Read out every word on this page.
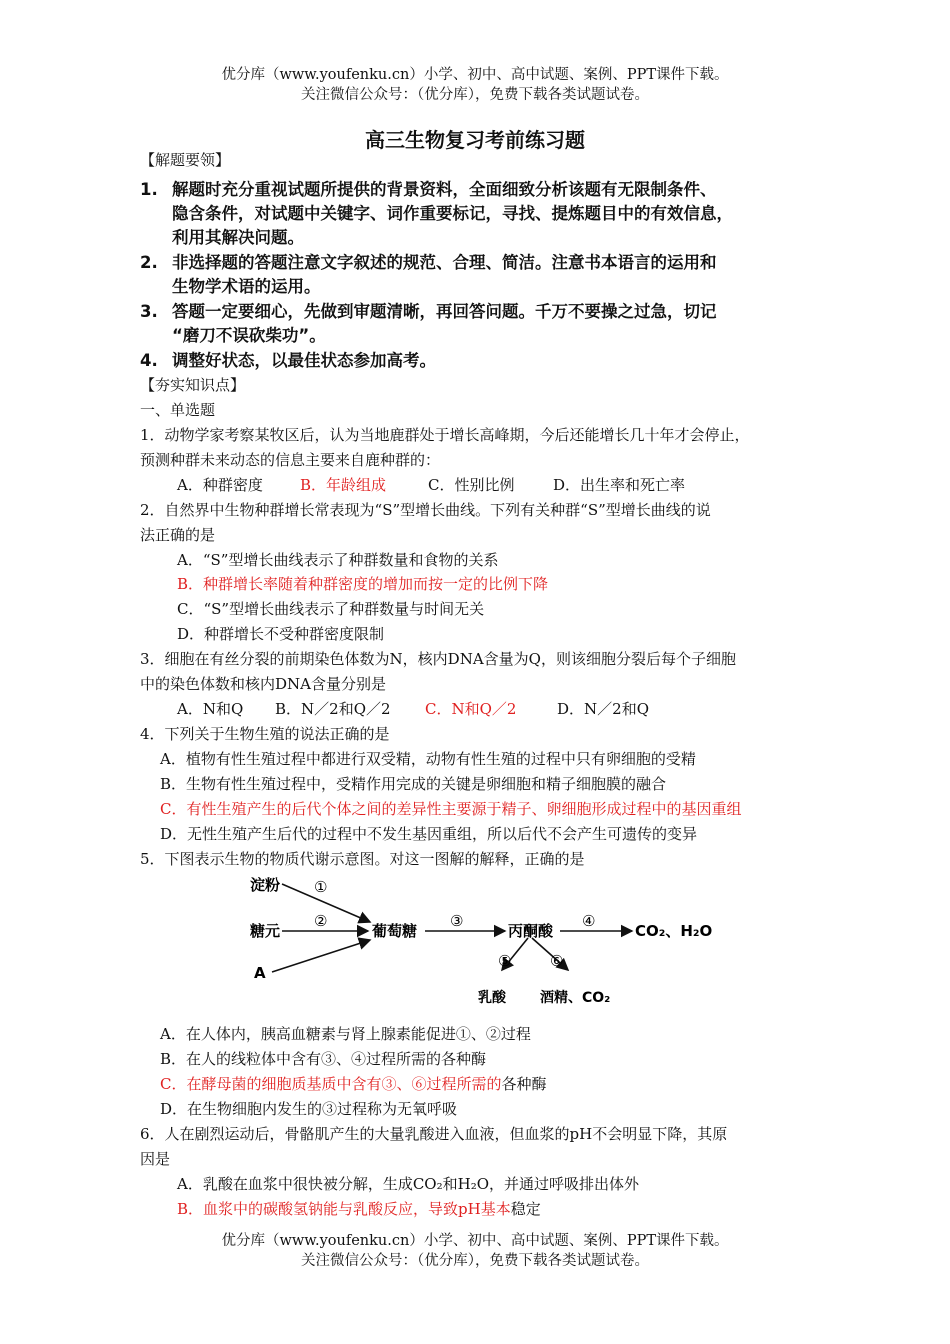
优分库（www.youfenku.cn）小学、初中、高中试题、案例、PPT课件下载。
关注微信公众号：（优分库），免费下载各类试题试卷。
高三生物复习考前练习题
【解题要领】
1. 解题时充分重视试题所提供的背景资料，全面细致分析该题有无限制条件、
隐含条件，对试题中关键字、词作重要标记，寻找、提炼题目中的有效信息，
利用其解决问题。
2. 非选择题的答题注意文字叙述的规范、合理、简洁。注意书本语言的运用和
生物学术语的运用。
3. 答题一定要细心，先做到审题清晰，再回答问题。千万不要操之过急，切记
“磨刀不误砍柴功”。
4. 调整好状态，以最佳状态参加高考。
【夯实知识点】
一、单选题
1．动物学家考察某牧区后，认为当地鹿群处于增长高峰期，今后还能增长几十年才会停止，
预测种群未来动态的信息主要来自鹿种群的：
A．种群密度 B．年龄组成	C．性别比例	D．出生率和死亡率
2．自然界中生物种群增长常表现为“S”型增长曲线。下列有关种群“S”型增长曲线的说
法正确的是
A．“S”型增长曲线表示了种群数量和食物的关系
B．种群增长率随着种群密度的增加而按一定的比例下降
C．“S”型增长曲线表示了种群数量与时间无关
D．种群增长不受种群密度限制
3．细胞在有丝分裂的前期染色体数为N，核内DNA含量为Q，则该细胞分裂后每个子细胞
中的染色体数和核内DNA含量分别是
A．N和Q B．N／2和Q／2 C．N和Q／2	D．N／2和Q
4．下列关于生物生殖的说法正确的是
A．植物有性生殖过程中都进行双受精，动物有性生殖的过程中只有卵细胞的受精
B．生物有性生殖过程中，受精作用完成的关键是卵细胞和精子细胞膜的融合
C．有性生殖产生的后代个体之间的差异性主要源于精子、卵细胞形成过程中的基因重组
D．无性生殖产生后代的过程中不发生基因重组，所以后代不会产生可遗传的变异
5．下图表示生物的物质代谢示意图。对这一图解的解释，正确的是
淀粉
糖元
A
葡萄糖	丙酮酸	CO₂、H₂O
乳酸 酒精、CO₂
①
②	③	④
⑤	⑥
A．在人体内，胰高血糖素与肾上腺素能促进①、②过程
B．在人的线粒体中含有③、④过程所需的各种酶
C．在酵母菌的细胞质基质中含有③、⑥过程所需的各种酶
D．在生物细胞内发生的③过程称为无氧呼吸
6．人在剧烈运动后，骨骼肌产生的大量乳酸进入血液，但血浆的pH不会明显下降，其原
因是
A．乳酸在血浆中很快被分解，生成CO₂和H₂O，并通过呼吸排出体外
B．血浆中的碳酸氢钠能与乳酸反应，导致pH基本稳定
优分库（www.youfenku.cn）小学、初中、高中试题、案例、PPT课件下载。
关注微信公众号：（优分库），免费下载各类试题试卷。
